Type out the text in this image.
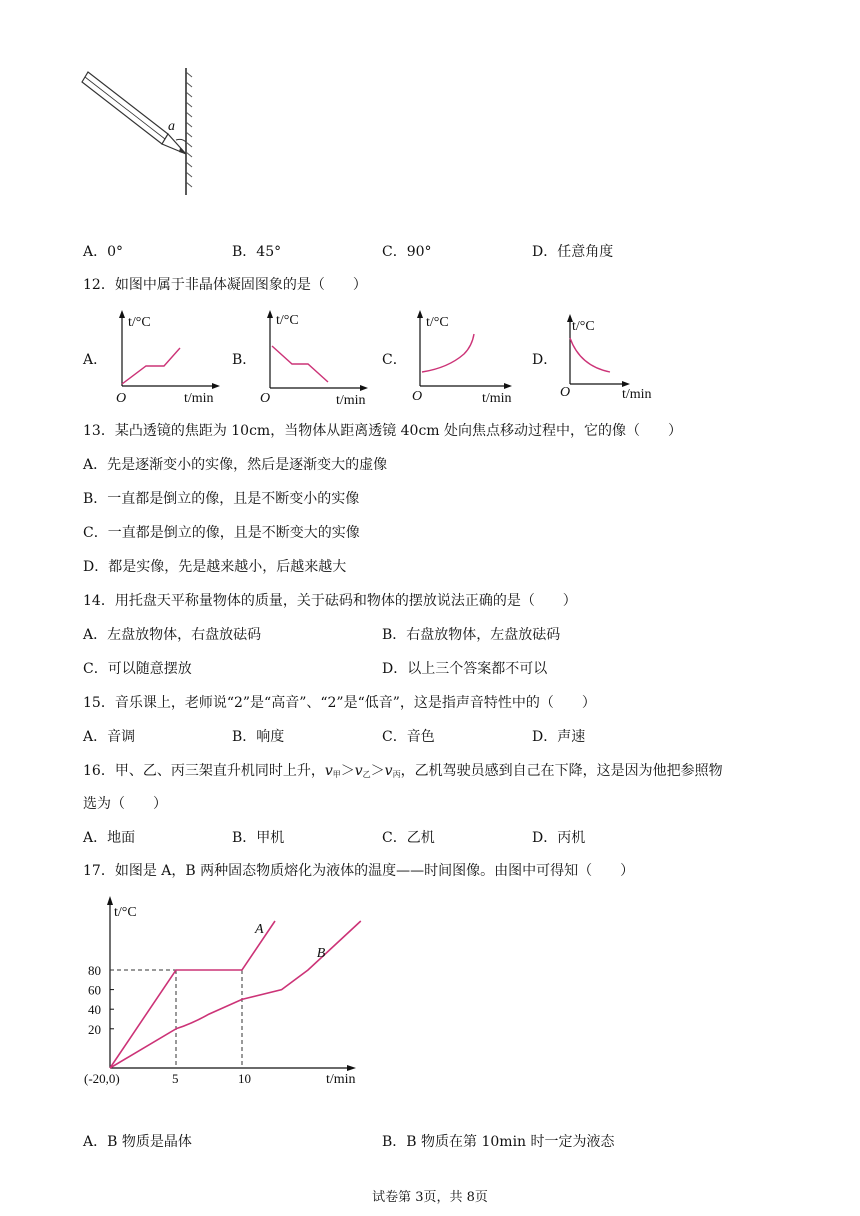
a
A．0°	B．45°	C．90°	D．任意角度
12．如图中属于非晶体凝固图象的是（　　）
A．
t/°C
t/min
O
B．
t/°C
t/min
O
C．
t/°C
t/min
O
D．
t/°C
t/min
O
13．某凸透镜的焦距为 10cm，当物体从距离透镜 40cm 处向焦点移动过程中，它的像（　　）
A．先是逐渐变小的实像，然后是逐渐变大的虚像
B．一直都是倒立的像，且是不断变小的实像
C．一直都是倒立的像，且是不断变大的实像
D．都是实像，先是越来越小，后越来越大
14．用托盘天平称量物体的质量，关于砝码和物体的摆放说法正确的是（　　）
A．左盘放物体，右盘放砝码	B．右盘放物体，左盘放砝码
C．可以随意摆放	D．以上三个答案都不可以
15．音乐课上，老师说“2”是“高音”、“2”是“低音”，这是指声音特性中的（　　）
A．音调	B．响度	C．音色	D．声速
16．甲、乙、丙三架直升机同时上升，$v_甲>v_乙>v_丙$，乙机驾驶员感到自己在下降，这是因为他把参照物
选为（　　）
A．地面	B．甲机	C．乙机	D．丙机
17．如图是 A，B 两种固态物质熔化为液体的温度——时间图像。由图中可得知（　　）
t/°C
t/min
(-20,0)
20
40
60
80
5	10
A
B
A．B 物质是晶体	B．B 物质在第 10min 时一定为液态
试卷第 3页，共 8页
